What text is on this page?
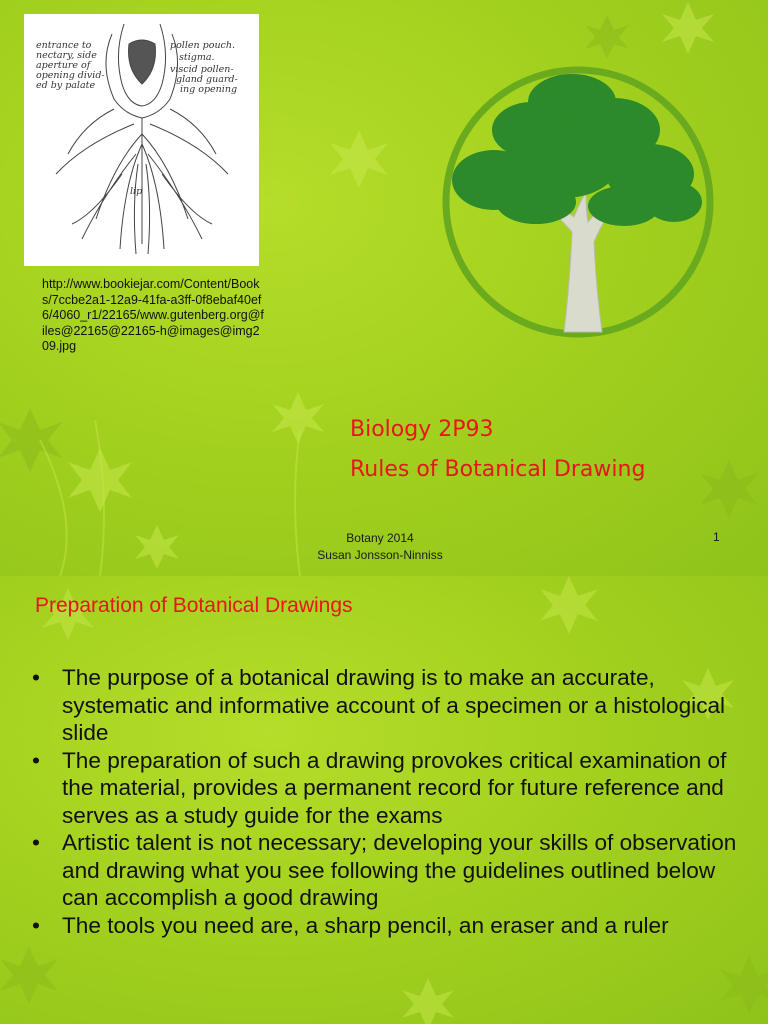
entrance to
nectary, side
aperture of
opening divid-
ed by palate
pollen pouch.
stigma.
viscid pollen-
gland guard-
ing opening
lip
http://www.bookiejar.com/Content/Books/7ccbe2a1-12a9-41fa-a3ff-0f8ebaf40ef6/4060_r1/22165/www.gutenberg.org@files@22165@22165-h@images@img209.jpg
Biology 2P93
Rules of Botanical Drawing
Botany 2014
Susan Jonsson-Ninniss
1
Preparation of Botanical Drawings
• The purpose of a botanical drawing is to make an accurate, systematic and informative account of a specimen or a histological slide
• The preparation of such a drawing provokes critical examination of the material, provides a permanent record for future reference and serves as a study guide for the exams
• Artistic talent is not necessary; developing your skills of observation and drawing what you see following the guidelines outlined below can accomplish a good drawing
• The tools you need are, a sharp pencil, an eraser and a ruler
